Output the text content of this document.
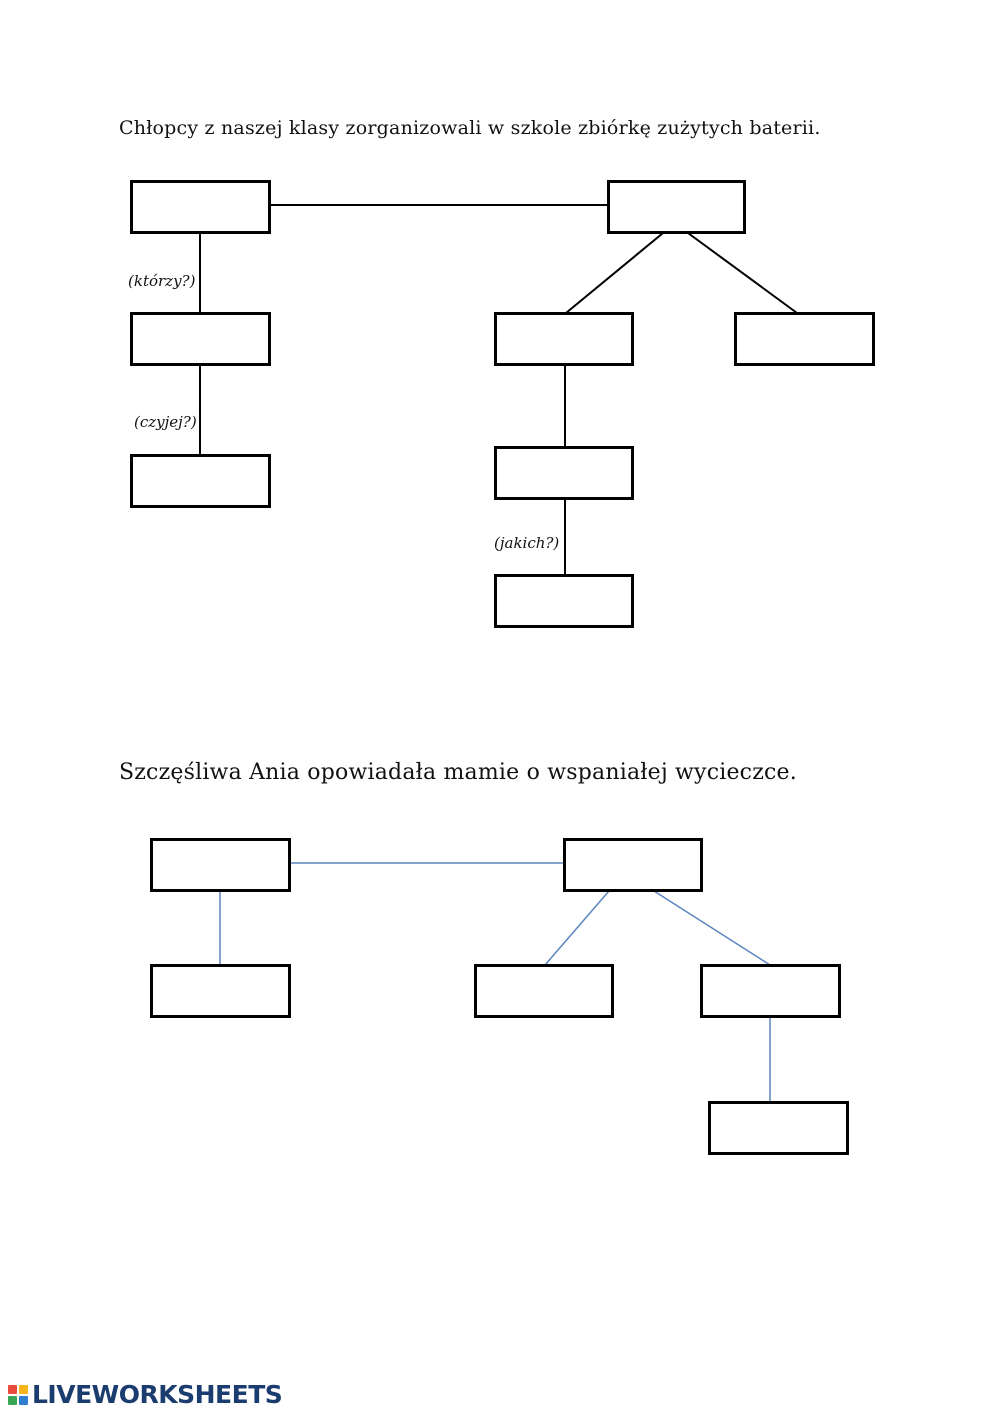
Chłopcy z naszej klasy zorganizowali w szkole zbiórkę zużytych baterii.

(którzy?)
(czyjej?)
(jakich?)

Szczęśliwa Ania opowiadała mamie o wspaniałej wycieczce.

LIVEWORKSHEETS
